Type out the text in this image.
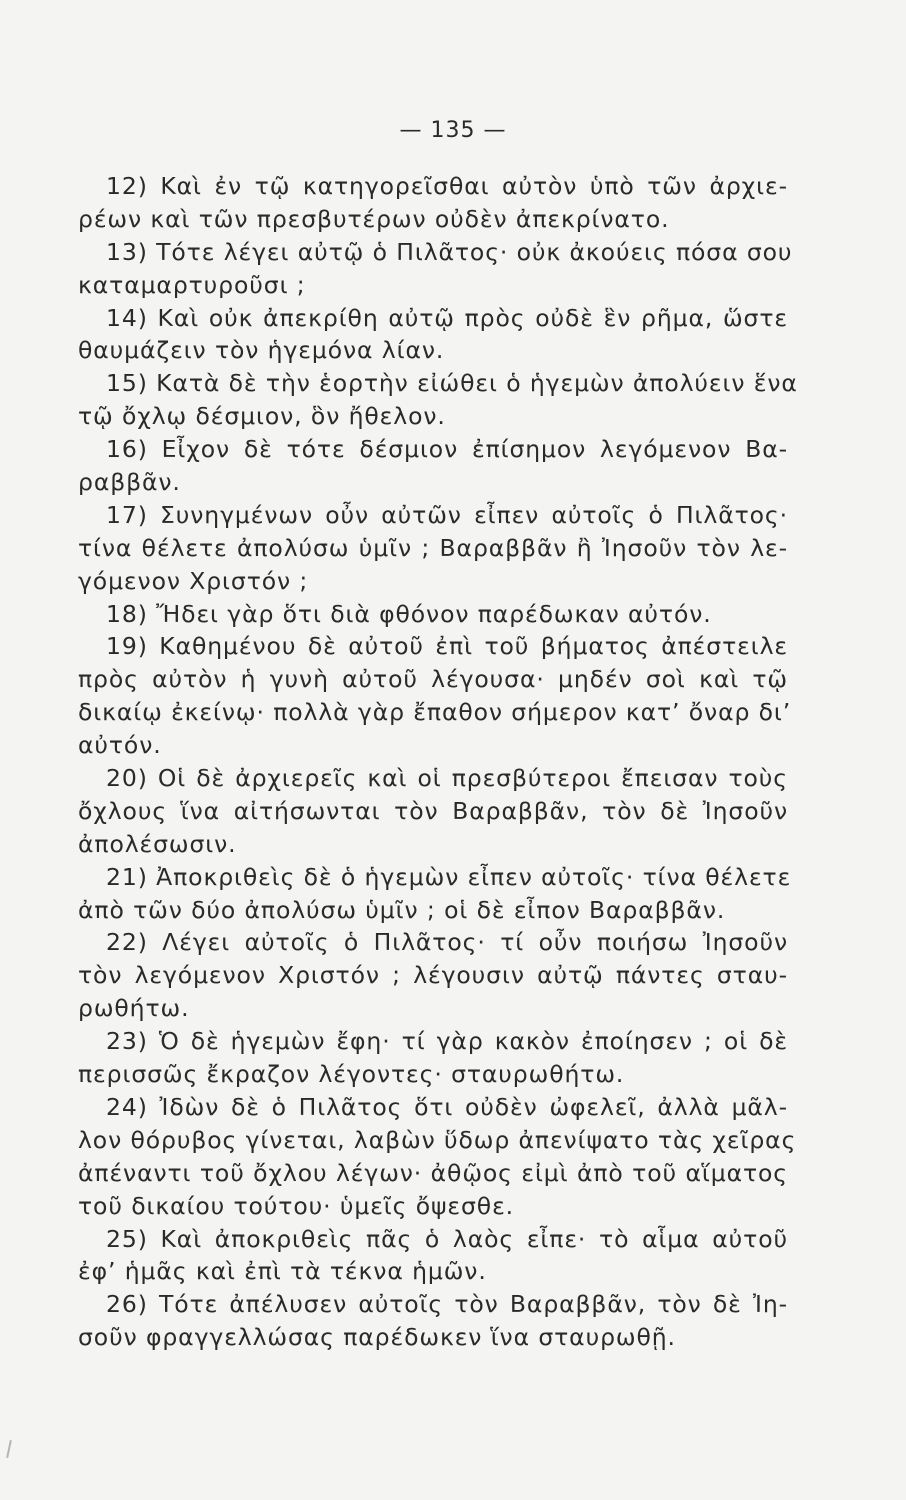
— 135 —
12) Καὶ ἐν τῷ κατηγορεῖσθαι αὐτὸν ὑπὸ τῶν ἀρχιε-
ρέων καὶ τῶν πρεσβυτέρων οὐδὲν ἀπεκρίνατο.
13) Τότε λέγει αὐτῷ ὁ Πιλᾶτος· οὐκ ἀκούεις πόσα σου
καταμαρτυροῦσι ;
14) Καὶ οὐκ ἀπεκρίθη αὐτῷ πρὸς οὐδὲ ἓν ρῆμα, ὥστε
θαυμάζειν τὸν ἡγεμόνα λίαν.
15) Κατὰ δὲ τὴν ἑορτὴν εἰώθει ὁ ἡγεμὼν ἀπολύειν ἕνα
τῷ ὄχλῳ δέσμιον, ὃν ἤθελον.
16) Εἶχον δὲ τότε δέσμιον ἐπίσημον λεγόμενον Βα-
ραββᾶν.
17) Συνηγμένων οὖν αὐτῶν εἶπεν αὐτοῖς ὁ Πιλᾶτος·
τίνα θέλετε ἀπολύσω ὑμῖν ; Βαραββᾶν ἢ Ἰησοῦν τὸν λε-
γόμενον Χριστόν ;
18) Ἤδει γὰρ ὅτι διὰ φθόνον παρέδωκαν αὐτόν.
19) Καθημένου δὲ αὐτοῦ ἐπὶ τοῦ βήματος ἀπέστειλε
πρὸς αὐτὸν ἡ γυνὴ αὐτοῦ λέγουσα· μηδέν σοὶ καὶ τῷ
δικαίῳ ἐκείνῳ· πολλὰ γὰρ ἔπαθον σήμερον κατ’ ὄναρ δι’
αὐτόν.
20) Οἱ δὲ ἀρχιερεῖς καὶ οἱ πρεσβύτεροι ἔπεισαν τοὺς
ὄχλους ἵνα αἰτήσωνται τὸν Βαραββᾶν, τὸν δὲ Ἰησοῦν
ἀπολέσωσιν.
21) Ἀποκριθεὶς δὲ ὁ ἡγεμὼν εἶπεν αὐτοῖς· τίνα θέλετε
ἀπὸ τῶν δύο ἀπολύσω ὑμῖν ; οἱ δὲ εἶπον Βαραββᾶν.
22) Λέγει αὐτοῖς ὁ Πιλᾶτος· τί οὖν ποιήσω Ἰησοῦν
τὸν λεγόμενον Χριστόν ; λέγουσιν αὐτῷ πάντες σταυ-
ρωθήτω.
23) Ὁ δὲ ἡγεμὼν ἔφη· τί γὰρ κακὸν ἐποίησεν ; οἱ δὲ
περισσῶς ἔκραζον λέγοντες· σταυρωθήτω.
24) Ἰδὼν δὲ ὁ Πιλᾶτος ὅτι οὐδὲν ὠφελεῖ, ἀλλὰ μᾶλ-
λον θόρυβος γίνεται, λαβὼν ὕδωρ ἀπενίψατο τὰς χεῖρας
ἀπέναντι τοῦ ὄχλου λέγων· ἀθῷος εἰμὶ ἀπὸ τοῦ αἵματος
τοῦ δικαίου τούτου· ὑμεῖς ὄψεσθε.
25) Καὶ ἀποκριθεὶς πᾶς ὁ λαὸς εἶπε· τὸ αἷμα αὐτοῦ
ἐφ’ ἡμᾶς καὶ ἐπὶ τὰ τέκνα ἡμῶν.
26) Τότε ἀπέλυσεν αὐτοῖς τὸν Βαραββᾶν, τὸν δὲ Ἰη-
σοῦν φραγγελλώσας παρέδωκεν ἵνα σταυρωθῇ.
